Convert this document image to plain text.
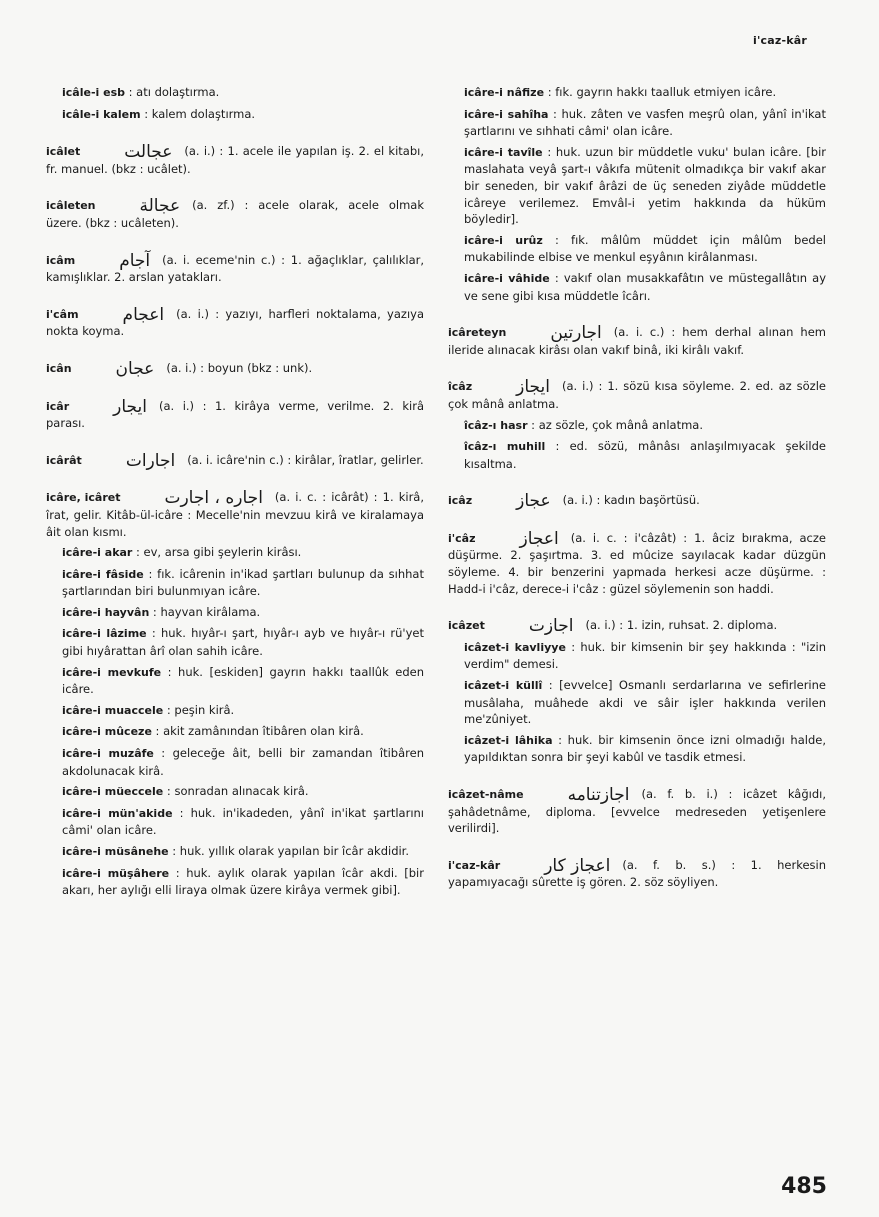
i'caz-kâr

icâle-i esb : atı dolaştırma.

icâle-i kalem : kalem dolaştırma.

icâlet	عجالت (a. i.) : 1. acele ile yapılan iş. 2. el kitabı, fr. manuel. (bkz : ucâlet).

icâleten	عجالة (a. zf.) : acele olarak, acele olmak üzere. (bkz : ucâleten).

icâm	آجام (a. i. eceme'nin c.) : 1. ağaçlıklar, çalılıklar, kamışlıklar. 2. arslan yatakları.

i'câm	اعجام (a. i.) : yazıyı, harfleri noktalama, yazıya nokta koyma.

icân	عجان (a. i.) : boyun (bkz : unk).

icâr	ایجار (a. i.) : 1. kirâya verme, verilme. 2. kirâ parası.

icârât	اجارات (a. i. icâre'nin c.) : kirâlar, îratlar, gelirler.

icâre, icâret	اجاره ، اجارت (a. i. c. : icârât) : 1. kirâ, îrat, gelir. Kitâb-ül-icâre : Mecelle'nin mevzuu kirâ ve kiralamaya âit olan kısmı.

icâre-i akar : ev, arsa gibi şeylerin kirâsı.

icâre-i fâside : fık. icârenin in'ikad şartları bulunup da sıhhat şartlarından biri bulunmıyan icâre.

icâre-i hayvân : hayvan kirâlama.

icâre-i lâzime : huk. hıyâr-ı şart, hıyâr-ı ayb ve hıyâr-ı rü'yet gibi hıyârattan ârî olan sahih icâre.

icâre-i mevkufe : huk. [eskiden] gayrın hakkı taallûk eden icâre.

icâre-i muaccele : peşin kirâ.

icâre-i mûceze : akit zamânından îtibâren olan kirâ.

icâre-i muzâfe : geleceğe âit, belli bir zamandan îtibâren akdolunacak kirâ.

icâre-i müeccele : sonradan alınacak kirâ.

icâre-i mün'akide : huk. in'ikadeden, yânî in'ikat şartlarını câmi' olan icâre.

icâre-i müsânehe : huk. yıllık olarak yapılan bir îcâr akdidir.

icâre-i müşâhere : huk. aylık olarak yapılan îcâr akdi. [bir akarı, her aylığı elli liraya olmak üzere kirâya vermek gibi].

icâre-i nâfize : fık. gayrın hakkı taalluk etmiyen icâre.

icâre-i sahîha : huk. zâten ve vasfen meşrû olan, yânî in'ikat şartlarını ve sıhhati câmi' olan icâre.

icâre-i tavîle : huk. uzun bir müddetle vuku' bulan icâre. [bir maslahata veyâ şart-ı vâkıfa mütenit olmadıkça bir vakıf akar bir seneden, bir vakıf ârâzi de üç seneden ziyâde müddetle icâreye verilemez. Emvâl-i yetim hakkında da hüküm böyledir].

icâre-i urûz : fık. mâlûm müddet için mâlûm bedel mukabilinde elbise ve menkul eşyânın kirâlanması.

icâre-i vâhide : vakıf olan musakkafâtın ve müstegallâtın ay ve sene gibi kısa müddetle îcârı.

icâreteyn	اجارتين (a. i. c.) : hem derhal alınan hem ileride alınacak kirâsı olan vakıf binâ, iki kirâlı vakıf.

îcâz	ایجاز (a. i.) : 1. sözü kısa söyleme. 2. ed. az sözle çok mânâ anlatma.

îcâz-ı hasr : az sözle, çok mânâ anlatma.

îcâz-ı muhill : ed. sözü, mânâsı anlaşılmıyacak şekilde kısaltma.

icâz	عجاز (a. i.) : kadın başörtüsü.

i'câz	اعجاز (a. i. c. : i'câzât) : 1. âciz bırakma, acze düşürme. 2. şaşırtma. 3. ed mûcize sayılacak kadar düzgün söyleme. 4. bir benzerini yapmada herkesi acze düşürme. : Hadd-i i'câz, derece-i i'câz : güzel söylemenin son haddi.

icâzet	اجازت (a. i.) : 1. izin, ruhsat. 2. diploma.

icâzet-i kavliyye : huk. bir kimsenin bir şey hakkında : "izin verdim" demesi.

icâzet-i küllî : [evvelce] Osmanlı serdarlarına ve sefirlerine musâlaha, muâhede akdi ve sâir işler hakkında verilen me'zûniyet.

icâzet-i lâhika : huk. bir kimsenin önce izni olmadığı halde, yapıldıktan sonra bir şeyi kabûl ve tasdik etmesi.

icâzet-nâme	اجازتنامه (a. f. b. i.) : icâzet kâğıdı, şahâdetnâme, diploma. [evvelce medreseden yetişenlere verilirdi].

i'caz-kâr	اعجاز کار (a. f. b. s.) : 1. herkesin yapamıyacağı sûrette iş gören. 2. söz söyliyen.

485
